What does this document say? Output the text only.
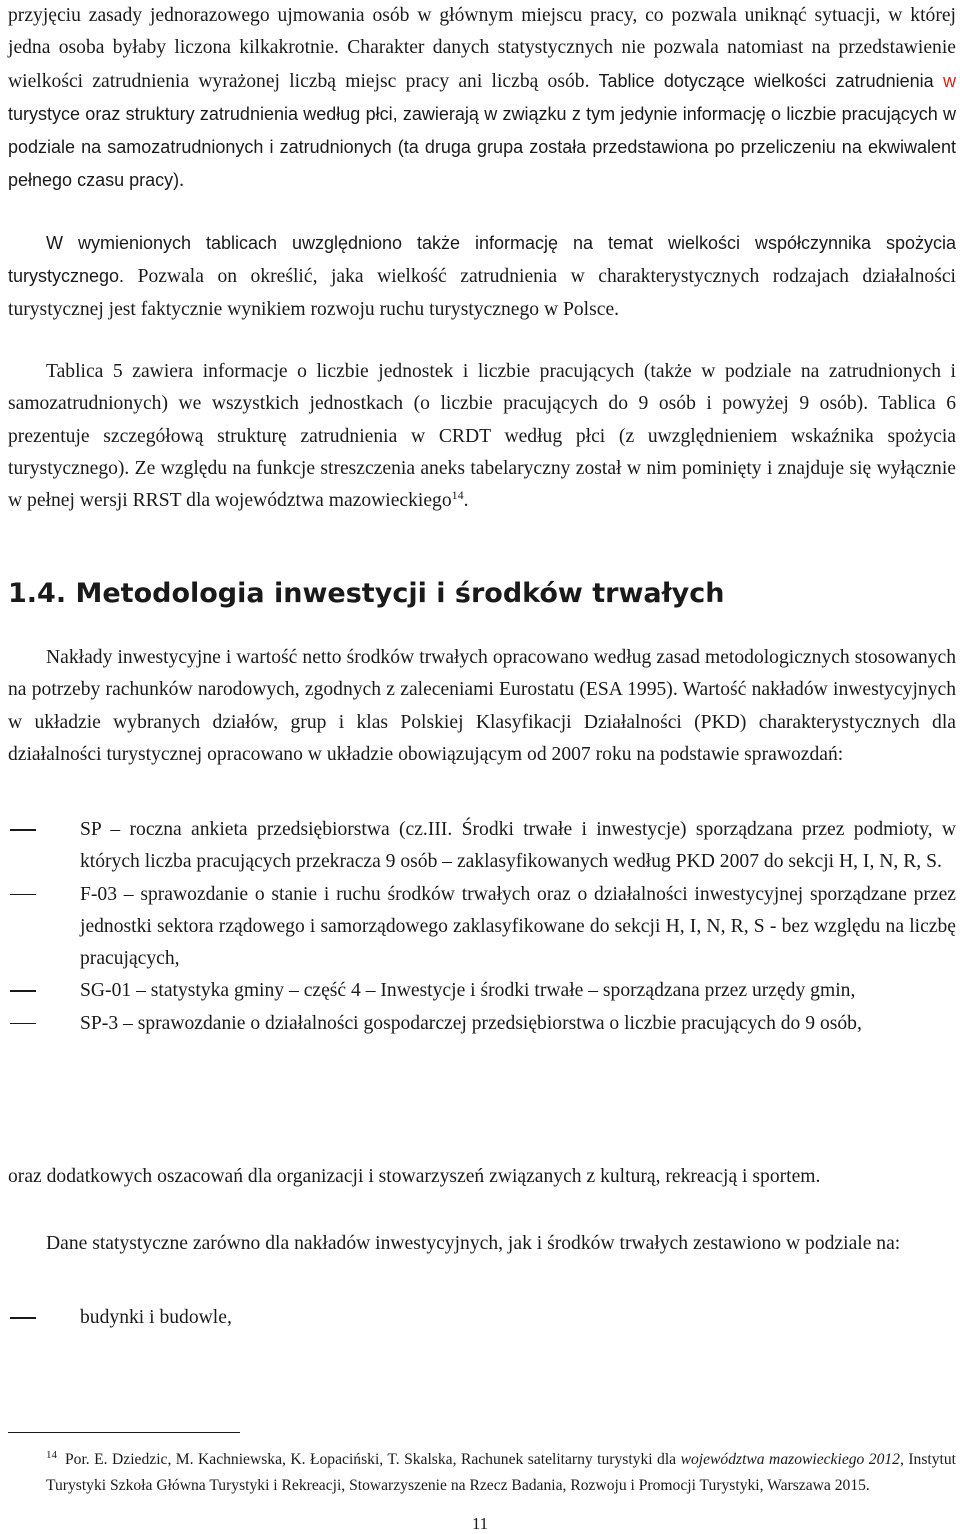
przyjęciu zasady jednorazowego ujmowania osób w głównym miejscu pracy, co pozwala uniknąć sytuacji, w której jedna osoba byłaby liczona kilkakrotnie. Charakter danych statystycznych nie pozwala natomiast na przedstawienie wielkości zatrudnienia wyrażonej liczbą miejsc pracy ani liczbą osób. Tablice dotyczące wielkości zatrudnienia w turystyce oraz struktury zatrudnienia według płci, zawierają w związku z tym jedynie informację o liczbie pracujących w podziale na samozatrudnionych i zatrudnionych (ta druga grupa została przedstawiona po przeliczeniu na ekwiwalent pełnego czasu pracy).

W wymienionych tablicach uwzględniono także informację na temat wielkości współczynnika spożycia turystycznego. Pozwala on określić, jaka wielkość zatrudnienia w charakterystycznych rodzajach działalności turystycznej jest faktycznie wynikiem rozwoju ruchu turystycznego w Polsce.

Tablica 5 zawiera informacje o liczbie jednostek i liczbie pracujących (także w podziale na zatrudnionych i samozatrudnionych) we wszystkich jednostkach (o liczbie pracujących do 9 osób i powyżej 9 osób). Tablica 6 prezentuje szczegółową strukturę zatrudnienia w CRDT według płci (z uwzględnieniem wskaźnika spożycia turystycznego). Ze względu na funkcje streszczenia aneks tabelaryczny został w nim pominięty i znajduje się wyłącznie w pełnej wersji RRST dla województwa mazowieckiego$^{14}$.

1.4. Metodologia inwestycji i środków trwałych

Nakłady inwestycyjne i wartość netto środków trwałych opracowano według zasad metodologicznych stosowanych na potrzeby rachunków narodowych, zgodnych z zaleceniami Eurostatu (ESA 1995). Wartość nakładów inwestycyjnych w układzie wybranych działów, grup i klas Polskiej Klasyfikacji Działalności (PKD) charakterystycznych dla działalności turystycznej opracowano w układzie obowiązującym od 2007 roku na podstawie sprawozdań:

SP – roczna ankieta przedsiębiorstwa (cz.III. Środki trwałe i inwestycje) sporządzana przez podmioty, w których liczba pracujących przekracza 9 osób – zaklasyfikowanych według PKD 2007 do sekcji H, I, N, R, S.
F-03 – sprawozdanie o stanie i ruchu środków trwałych oraz o działalności inwestycyjnej sporządzane przez jednostki sektora rządowego i samorządowego zaklasyfikowane do sekcji H, I, N, R, S - bez względu na liczbę pracujących,
SG-01 – statystyka gminy – część 4 – Inwestycje i środki trwałe – sporządzana przez urzędy gmin,
SP-3 – sprawozdanie o działalności gospodarczej przedsiębiorstwa o liczbie pracujących do 9 osób,

oraz dodatkowych oszacowań dla organizacji i stowarzyszeń związanych z kulturą, rekreacją i sportem.

Dane statystyczne zarówno dla nakładów inwestycyjnych, jak i środków trwałych zestawiono w podziale na:

budynki i budowle,

$^{14}$ Por. E. Dziedzic, M. Kachniewska, K. Łopaciński, T. Skalska, Rachunek satelitarny turystyki dla województwa mazowieckiego 2012, Instytut Turystyki Szkoła Główna Turystyki i Rekreacji, Stowarzyszenie na Rzecz Badania, Rozwoju i Promocji Turystyki, Warszawa 2015.

11
